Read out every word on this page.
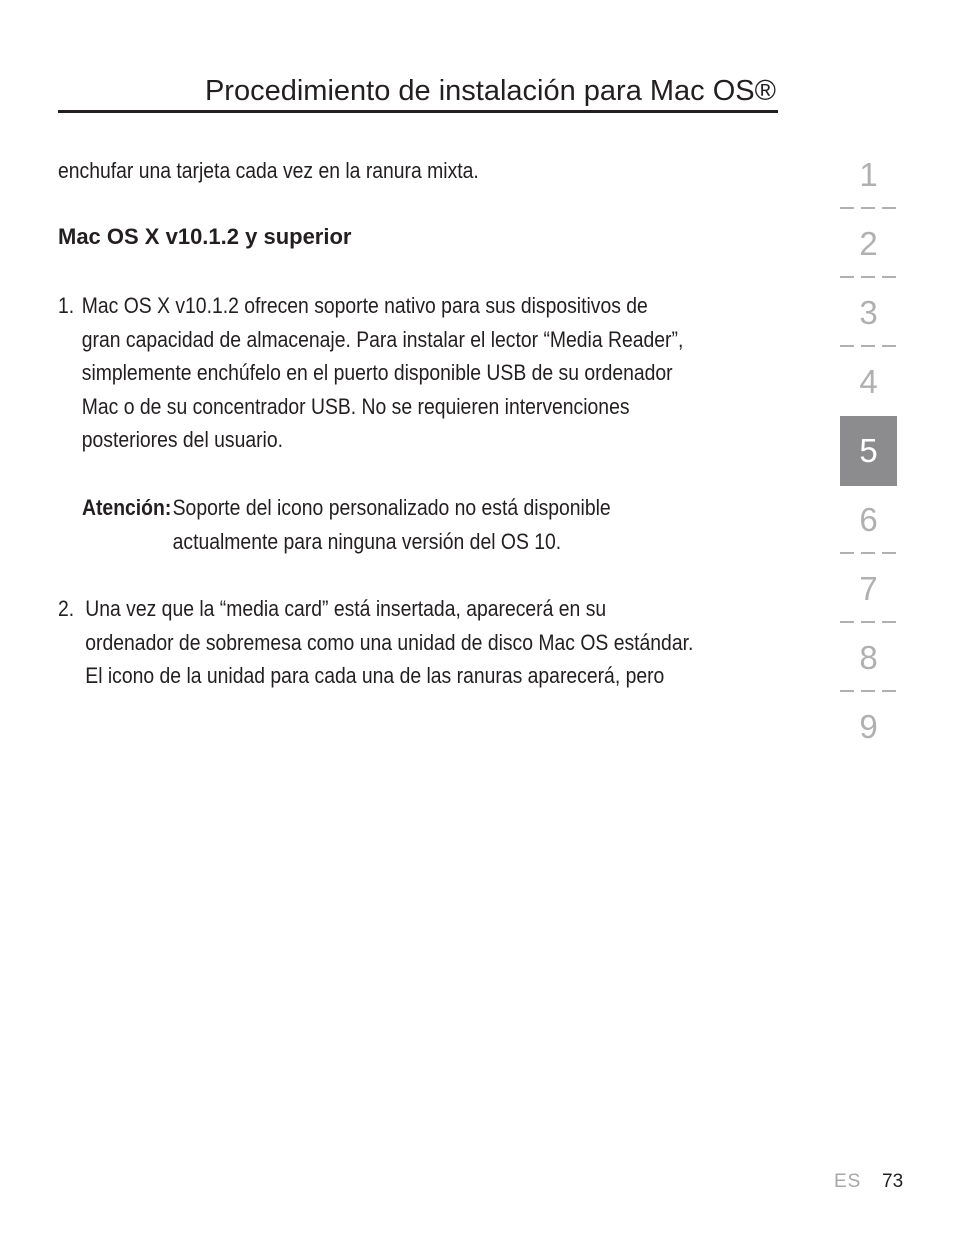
Procedimiento de instalación para Mac OS®
enchufar una tarjeta cada vez en la ranura mixta.
Mac OS X v10.1.2 y superior
1. Mac OS X v10.1.2 ofrecen soporte nativo para sus dispositivos de
gran capacidad de almacenaje. Para instalar el lector “Media Reader”,
simplemente enchúfelo en el puerto disponible USB de su ordenador
Mac o de su concentrador USB. No se requieren intervenciones
posteriores del usuario.
Atención: Soporte del icono personalizado no está disponible
actualmente para ninguna versión del OS 10.
2. Una vez que la “media card” está insertada, aparecerá en su
ordenador de sobremesa como una unidad de disco Mac OS estándar.
El icono de la unidad para cada una de las ranuras aparecerá, pero
1
2
3
4
5
6
7
8
9
ES 73
